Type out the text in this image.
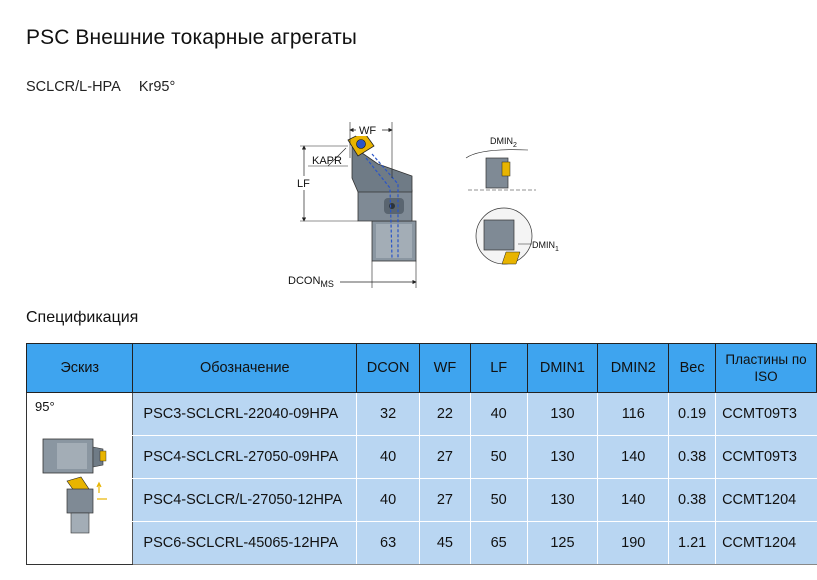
PSC Внешние токарные агрегаты
SCLCR/L-HPA Kr95°
WF
KAPR
LF
$DCON_{MS}$
$DMIN_2$
$DMIN_1$
Спецификация
Эскиз	Обозначение	DCON	WF	LF	DMIN1	DMIN2	Вес	Пластины по
ISO

95°	PSC3-SCLCRL-22040-09HPA	32	22	40	130	116	0.19	CCMT09T3
	PSC4-SCLCRL-27050-09HPA	40	27	50	130	140	0.38	CCMT09T3
	PSC4-SCLCR/L-27050-12HPA	40	27	50	130	140	0.38	CCMT1204
	PSC6-SCLCRL-45065-12HPA	63	45	65	125	190	1.21	CCMT1204
